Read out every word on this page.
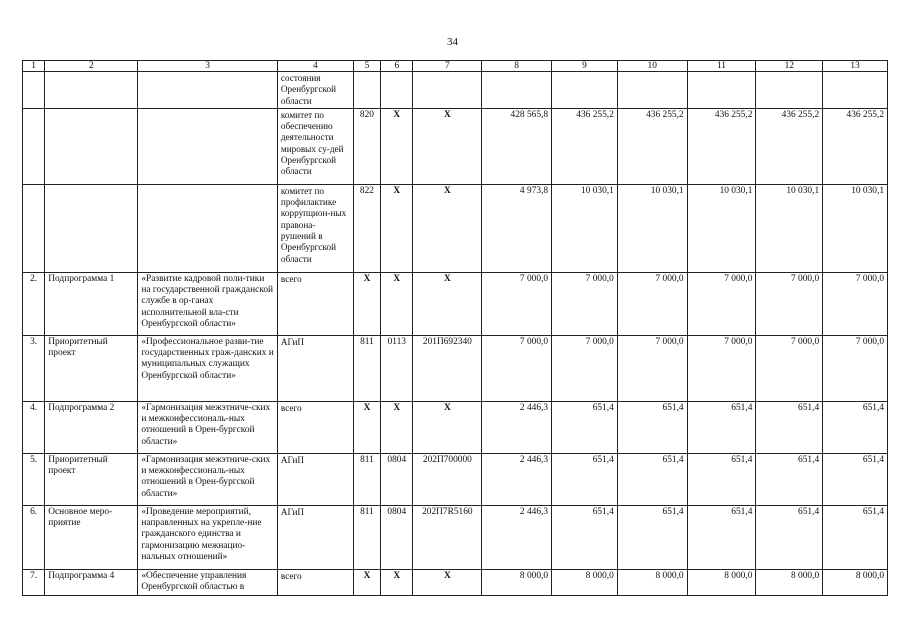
34
1	2	3	4	5	6	7	8	9	10	11	12	13
			состояния Оренбургской области									
			комитет по обеспечению деятельности мировых су-дей Оренбургской области	820	X	X	428 565,8	436 255,2	436 255,2	436 255,2	436 255,2	436 255,2
			комитет по профилактике коррупцион-ных правона-рушений в Оренбургской области	822	X	X	4 973,8	10 030,1	10 030,1	10 030,1	10 030,1	10 030,1
2.	Подпрограмма 1	«Развитие кадровой поли-тики на государственной гражданской службе в ор-ганах исполнительной вла-сти Оренбургской области»	всего	X	X	X	7 000,0	7 000,0	7 000,0	7 000,0	7 000,0	7 000,0
3.	Приоритетный проект	«Профессиональное разви-тие государственных граж-данских и муниципальных служащих Оренбургской области»	АГиП	811	0113	201П692340	7 000,0	7 000,0	7 000,0	7 000,0	7 000,0	7 000,0
4.	Подпрограмма 2	«Гармонизация межэтниче-ских и межконфессиональ-ных отношений в Орен-бургской области»	всего	X	X	X	2 446,3	651,4	651,4	651,4	651,4	651,4
5.	Приоритетный проект	«Гармонизация межэтниче-ских и межконфессиональ-ных отношений в Орен-бургской области»	АГиП	811	0804	202П700000	2 446,3	651,4	651,4	651,4	651,4	651,4
6.	Основное меро-приятие	«Проведение мероприятий, направленных на укрепле-ние гражданского единства и гармонизацию межнацио-нальных отношений»	АГиП	811	0804	202П7R5160	2 446,3	651,4	651,4	651,4	651,4	651,4
7.	Подпрограмма 4	«Обеспечение управления Оренбургской областью в	всего	X	X	X	8 000,0	8 000,0	8 000,0	8 000,0	8 000,0	8 000,0
